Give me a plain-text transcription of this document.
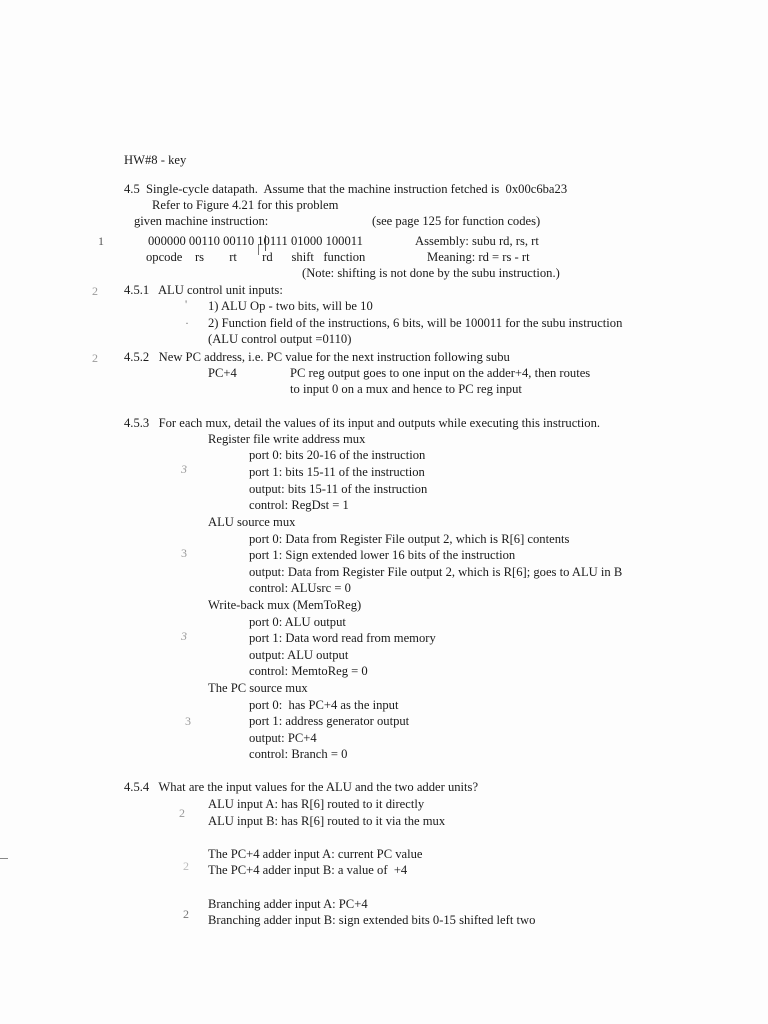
HW#8 - key
4.5  Single-cycle datapath.  Assume that the machine instruction fetched is  0x00c6ba23
Refer to Figure 4.21 for this problem
given machine instruction:	(see page 125 for function codes)
000000 00110 00110 10111 01000 100011	Assembly: subu rd, rs, rt
opcode    rs        rt        rd      shift   function	Meaning: rd = rs - rt
(Note: shifting is not done by the subu instruction.)
4.5.1   ALU control unit inputs:
1) ALU Op - two bits, will be 10
2) Function field of the instructions, 6 bits, will be 100011 for the subu instruction
(ALU control output =0110)
4.5.2   New PC address, i.e. PC value for the next instruction following subu
PC+4	PC reg output goes to one input on the adder+4, then routes
to input 0 on a mux and hence to PC reg input
4.5.3   For each mux, detail the values of its input and outputs while executing this instruction.
Register file write address mux
port 0: bits 20-16 of the instruction
port 1: bits 15-11 of the instruction
output: bits 15-11 of the instruction
control: RegDst = 1
ALU source mux
port 0: Data from Register File output 2, which is R[6] contents
port 1: Sign extended lower 16 bits of the instruction
output: Data from Register File output 2, which is R[6]; goes to ALU in B
control: ALUsrc = 0
Write-back mux (MemToReg)
port 0: ALU output
port 1: Data word read from memory
output: ALU output
control: MemtoReg = 0
The PC source mux
port 0:  has PC+4 as the input
port 1: address generator output
output: PC+4
control: Branch = 0
4.5.4   What are the input values for the ALU and the two adder units?
ALU input A: has R[6] routed to it directly
ALU input B: has R[6] routed to it via the mux
The PC+4 adder input A: current PC value
The PC+4 adder input B: a value of  +4
Branching adder input A: PC+4
Branching adder input B: sign extended bits 0-15 shifted left two
1
2
2
3
3
3
3
2
2
2
'
·
